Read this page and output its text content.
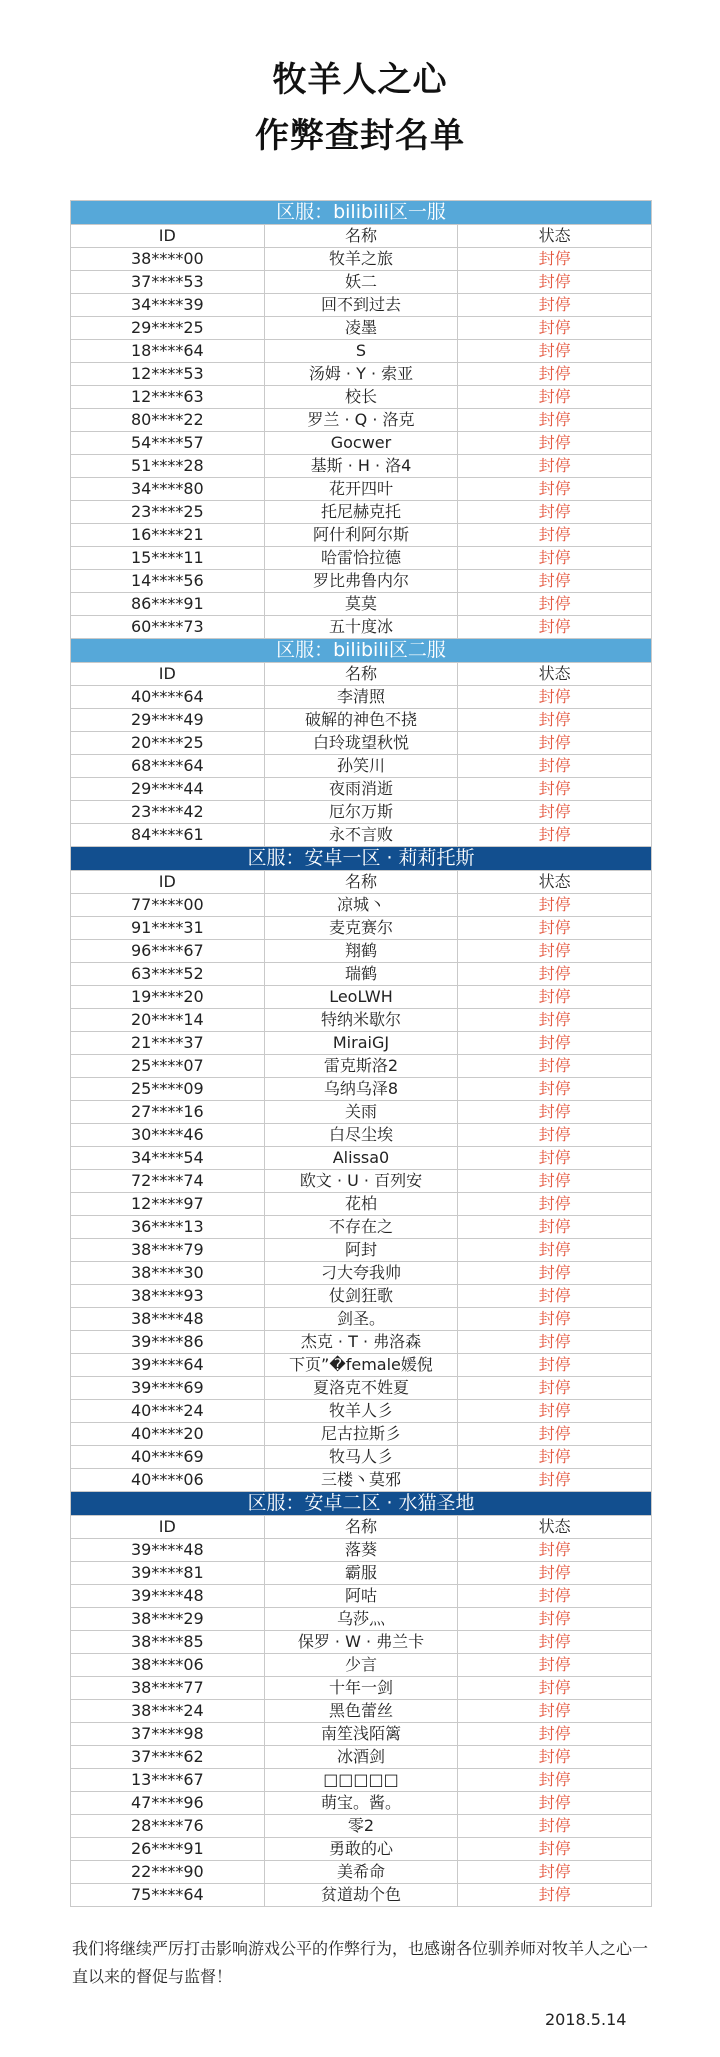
牧羊人之心
作弊查封名单
区服：bilibili区一服		
ID	名称	状态
38****00	牧羊之旅	封停
37****53	妖二	封停
34****39	回不到过去	封停
29****25	凌墨	封停
18****64	S	封停
12****53	汤姆 · Y · 索亚	封停
12****63	校长	封停
80****22	罗兰 · Q · 洛克	封停
54****57	Gocwer	封停
51****28	基斯 · H · 洛4	封停
34****80	花开四叶	封停
23****25	托尼赫克托	封停
16****21	阿什利阿尔斯	封停
15****11	哈雷恰拉德	封停
14****56	罗比弗鲁内尔	封停
86****91	莫莫	封停
60****73	五十度冰	封停
区服：bilibili区二服		
ID	名称	状态
40****64	李清照	封停
29****49	破解的神色不挠	封停
20****25	白玲珑望秋悦	封停
68****64	孙笑川	封停
29****44	夜雨消逝	封停
23****42	厄尔万斯	封停
84****61	永不言败	封停
区服：安卓一区 · 莉莉托斯		
ID	名称	状态
77****00	凉城丶	封停
91****31	麦克赛尔	封停
96****67	翔鹤	封停
63****52	瑞鹤	封停
19****20	LeoLWH	封停
20****14	特纳米歇尔	封停
21****37	MiraiGJ	封停
25****07	雷克斯洛2	封停
25****09	乌纳乌泽8	封停
27****16	关雨	封停
30****46	白尽尘埃	封停
34****54	Alissa0	封停
72****74	欧文 · U · 百列安	封停
12****97	花柏	封停
36****13	不存在之	封停
38****79	阿封	封停
38****30	刁大夸我帅	封停
38****93	仗剑狂歌	封停
38****48	剑圣。	封停
39****86	杰克 · T · 弗洛森	封停
39****64	下页”�female媛倪	封停
39****69	夏洛克不姓夏	封停
40****24	牧羊人彡	封停
40****20	尼古拉斯彡	封停
40****69	牧马人彡	封停
40****06	三楼丶莫邪	封停
区服：安卓二区 · 水猫圣地		
ID	名称	状态
39****48	落葵	封停
39****81	霸服	封停
39****48	阿咕	封停
38****29	乌莎灬	封停
38****85	保罗 · W · 弗兰卡	封停
38****06	少言	封停
38****77	十年一剑	封停
38****24	黑色蕾丝	封停
37****98	南笙浅陌篱	封停
37****62	冰酒剑	封停
13****67	□□□□□	封停
47****96	萌宝。酱。	封停
28****76	零2	封停
26****91	勇敢的心	封停
22****90	美希命	封停
75****64	贫道劫个色	封停
我们将继续严厉打击影响游戏公平的作弊行为，也感谢各位驯养师对牧羊人之心一直以来的督促与监督！
2018.5.14
